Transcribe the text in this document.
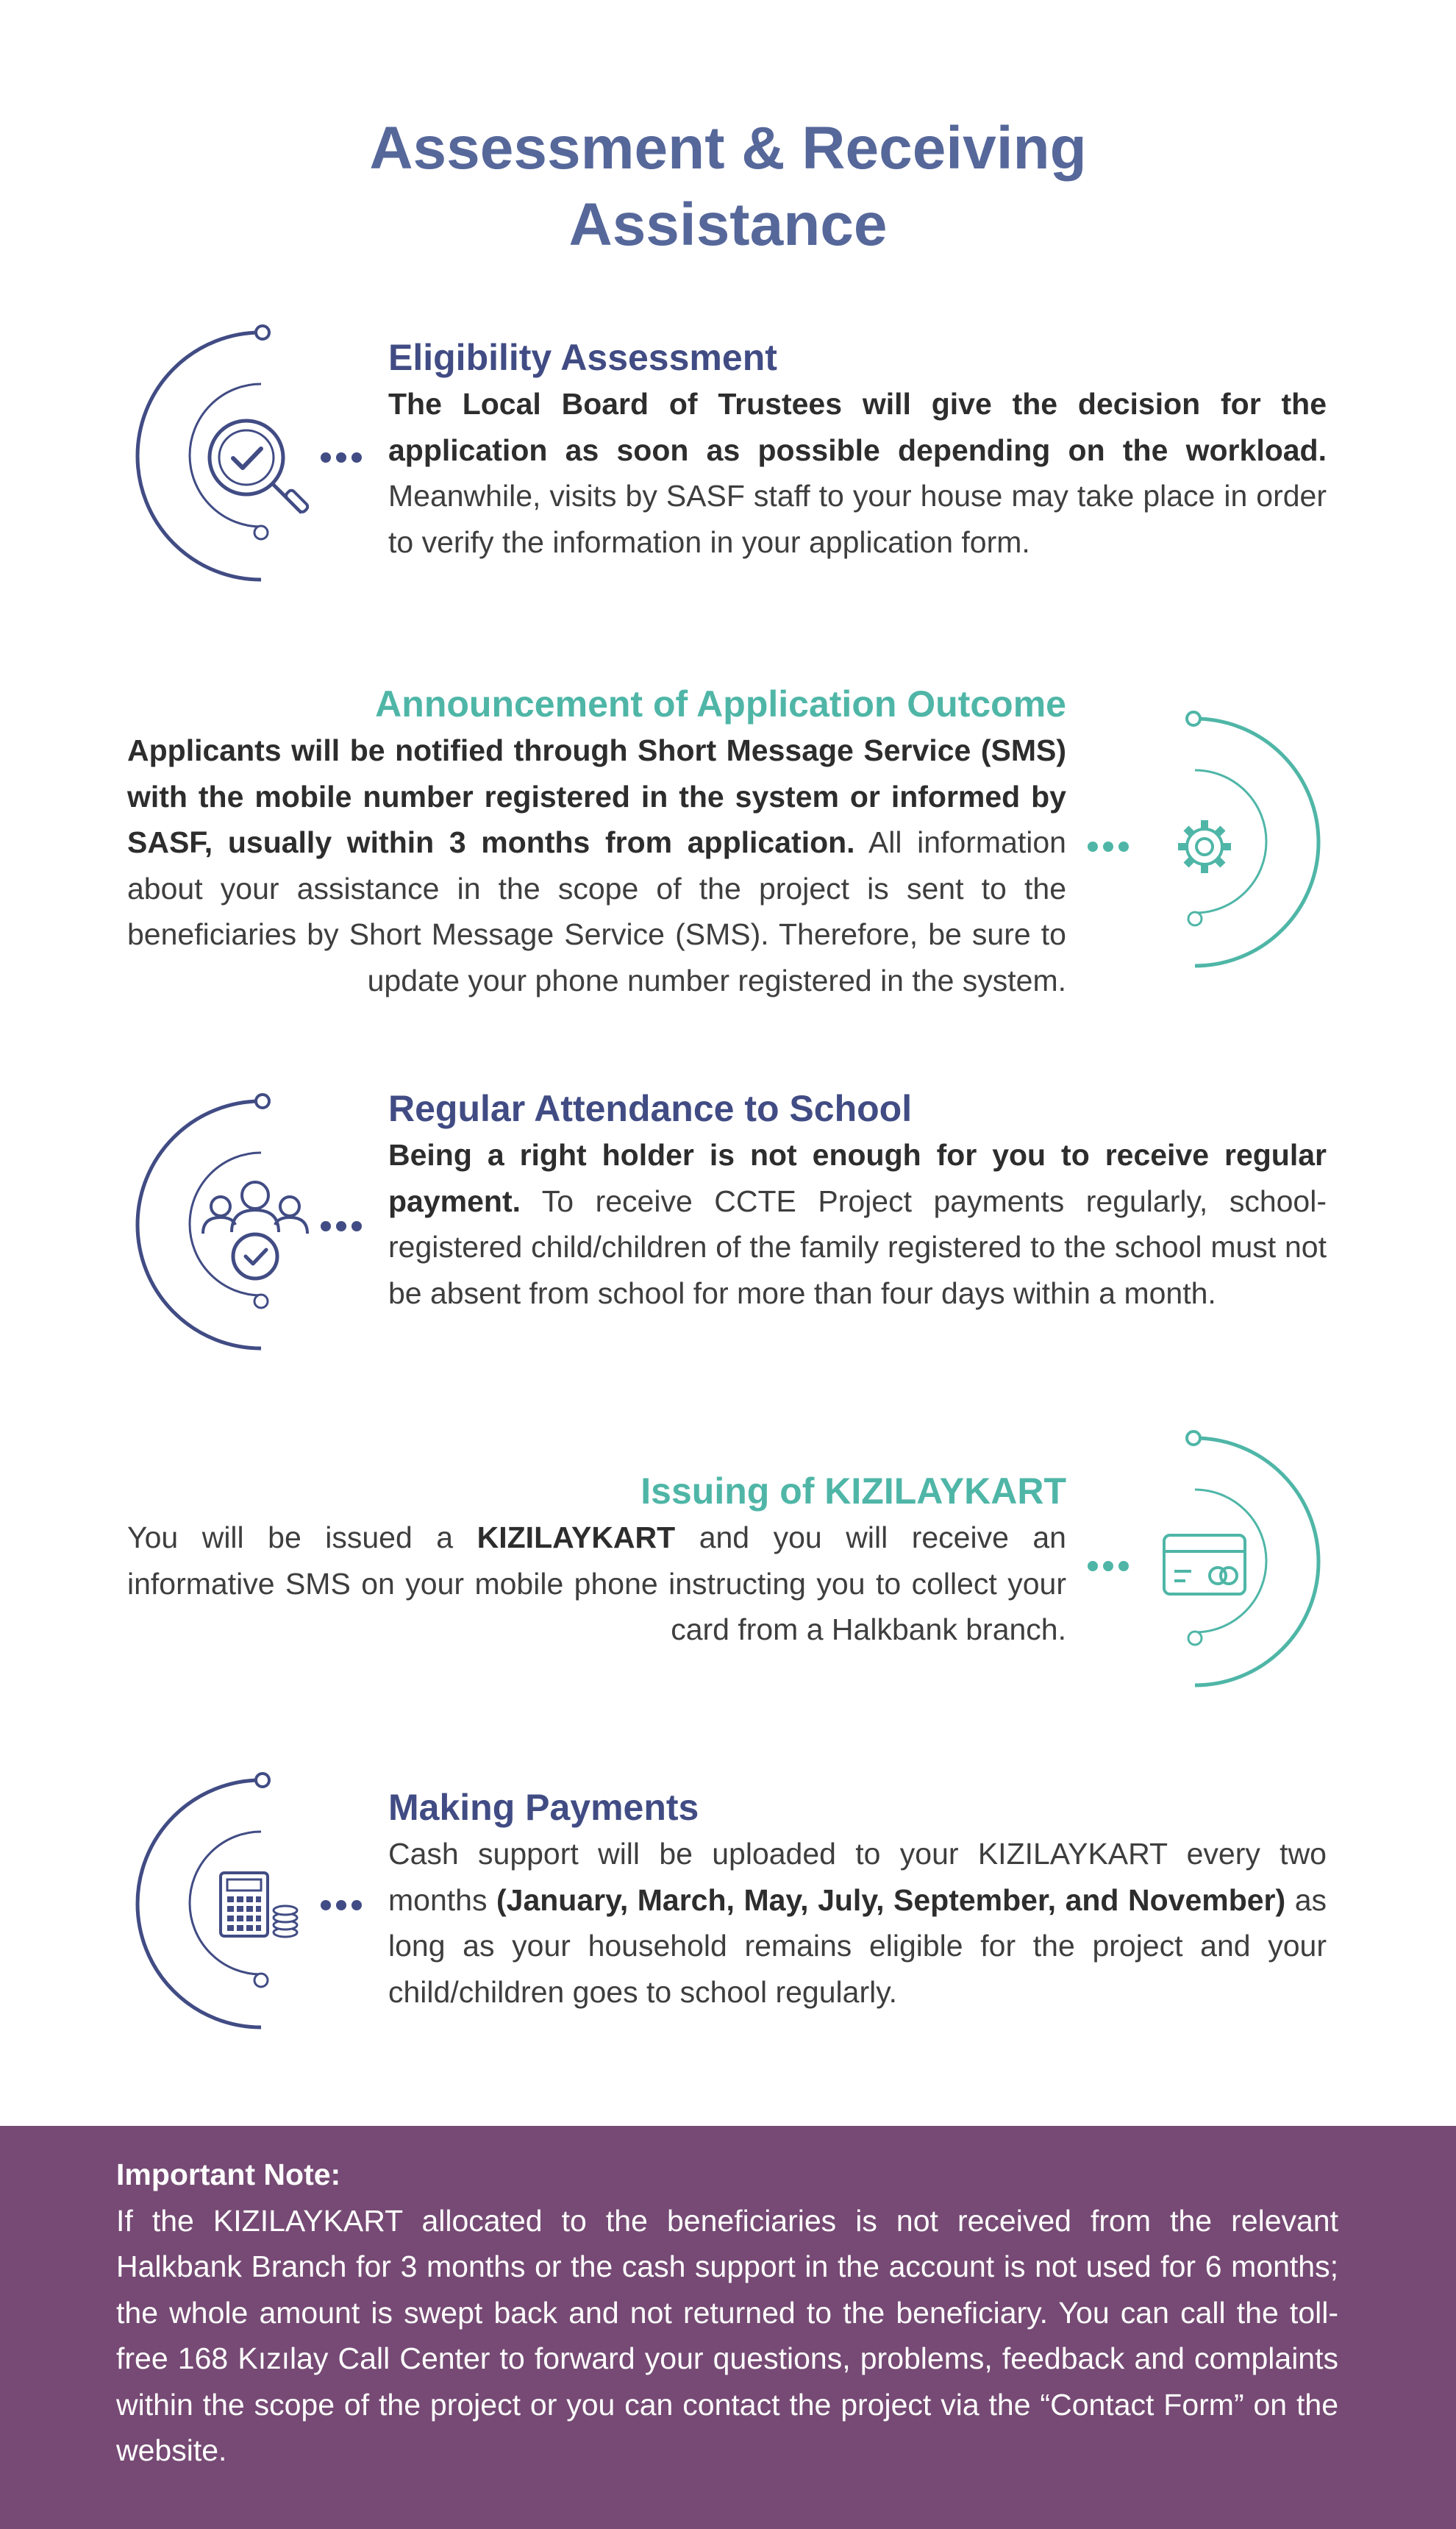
Assessment & Receiving
Assistance
Eligibility Assessment

The Local Board of Trustees will give the decision for the application as soon as possible depending on the workload. Meanwhile, visits by SASF staff to your house may take place in order to verify the information in your application form.

Announcement of Application Outcome

Applicants will be notified through Short Message Service (SMS) with the mobile number registered in the system or informed by SASF, usually within 3 months from application. All information about your assistance in the scope of the project is sent to the beneficiaries by Short Message Service (SMS). Therefore, be sure to update your phone number registered in the system.

Regular Attendance to School

Being a right holder is not enough for you to receive regular payment. To receive CCTE Project payments regularly, school-registered child/children of the family registered to the school must not be absent from school for more than four days within a month.

Issuing of KIZILAYKART

You will be issued a KIZILAYKART and you will receive an informative SMS on your mobile phone instructing you to collect your card from a Halkbank branch.

Making Payments

Cash support will be uploaded to your KIZILAYKART every two months (January, March, May, July, September, and November) as long as your household remains eligible for the project and your child/children goes to school regularly.

Important Note:

If the KIZILAYKART allocated to the beneficiaries is not received from the relevant Halkbank Branch for 3 months or the cash support in the account is not used for 6 months; the whole amount is swept back and not returned to the beneficiary. You can call the toll-free 168 Kızılay Call Center to forward your questions, problems, feedback and complaints within the scope of the project or you can contact the project via the “Contact Form” on the website.
